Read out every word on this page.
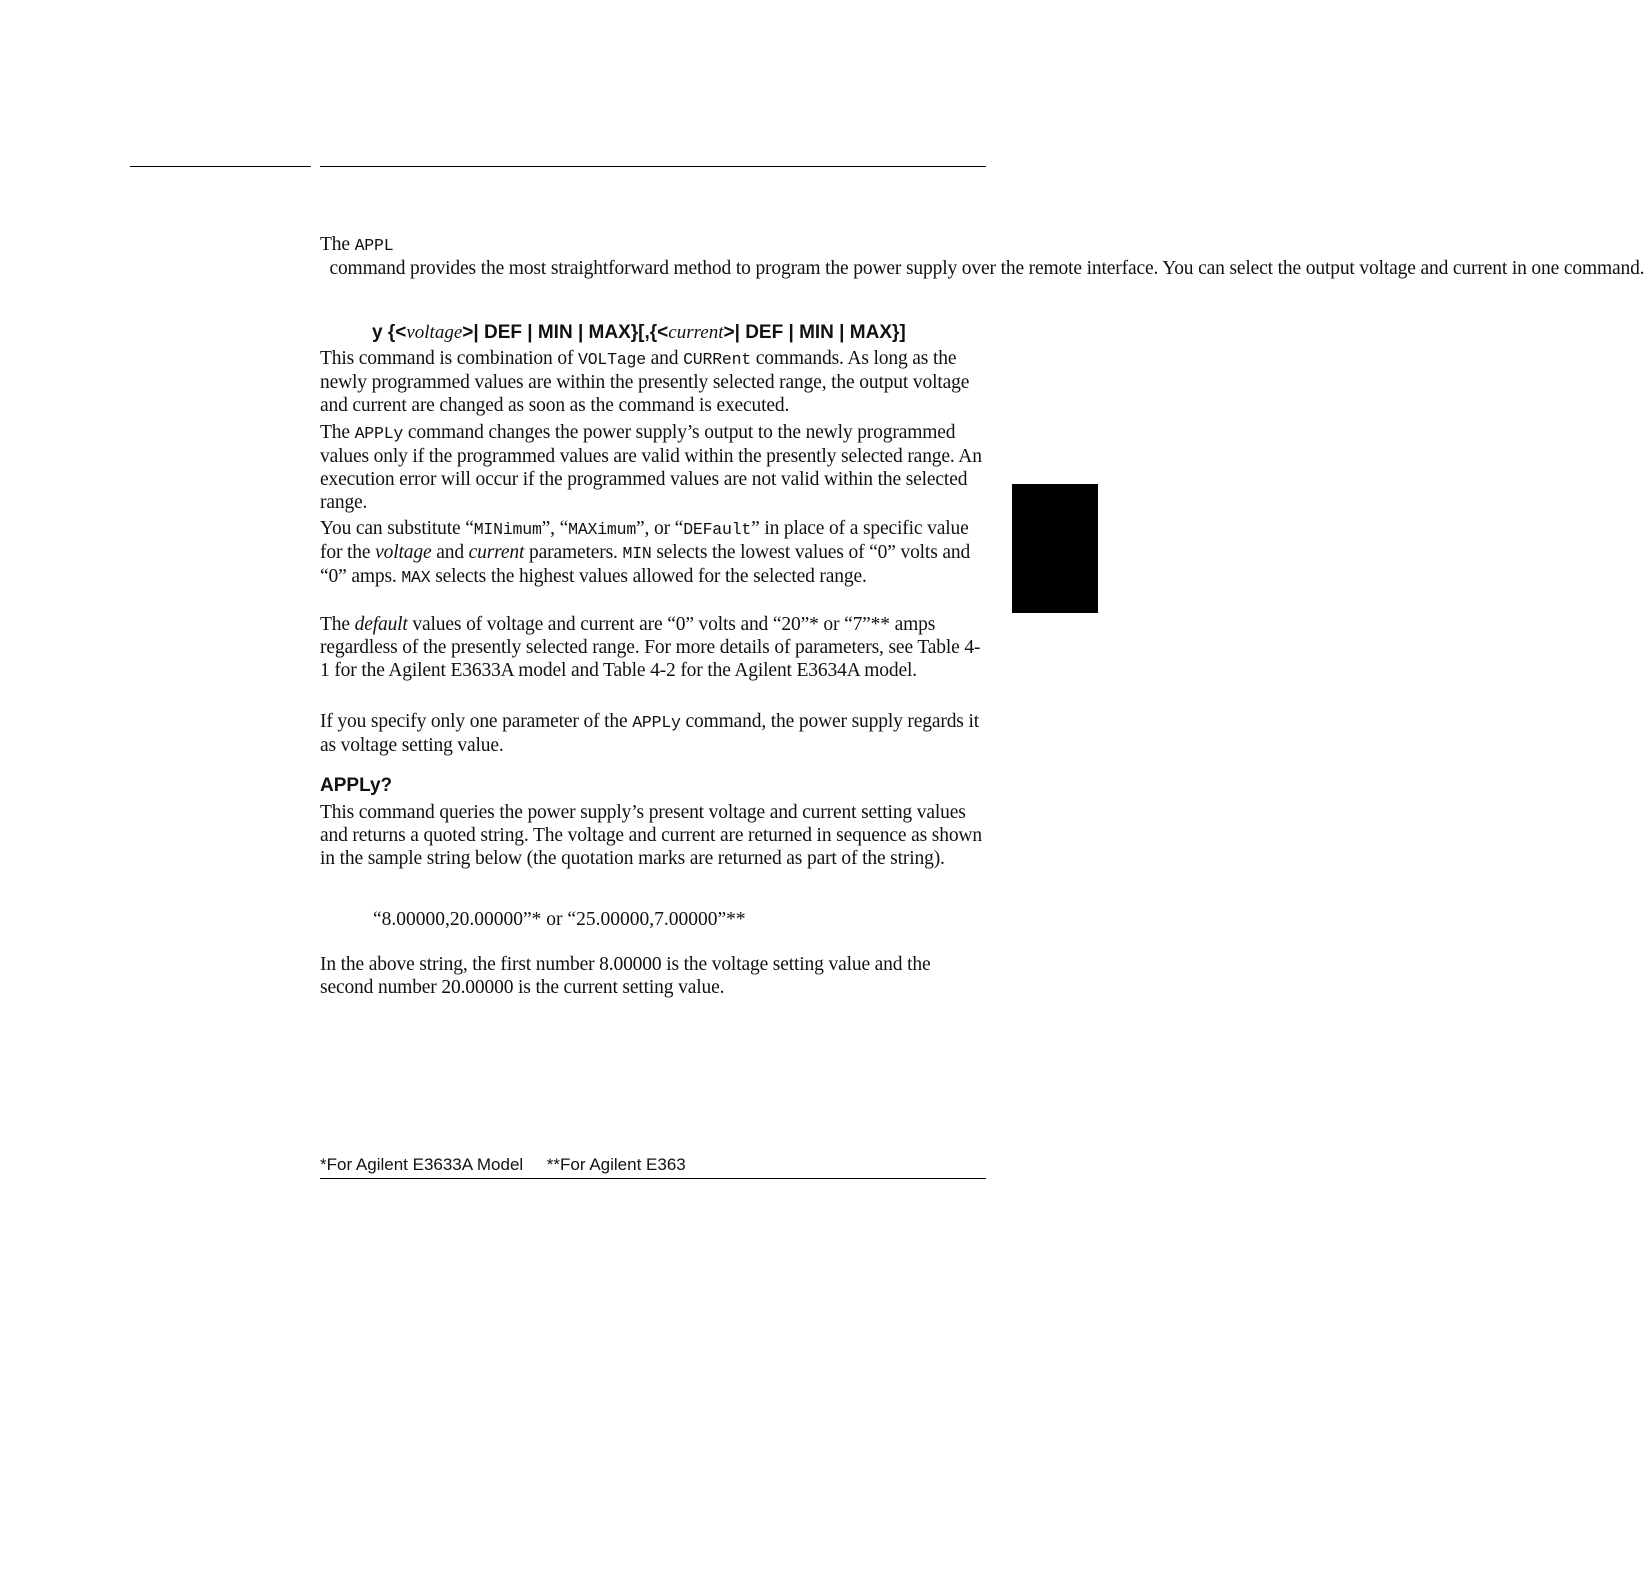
The APPL  command provides the most straightforward method to program the power supply over the remote interface. You can select the output voltage and current in one command.

y {<voltage>| DEF | MIN | MAX}[,{<current>| DEF | MIN | MAX}]

This command is combination of VOLTage and CURRent commands. As long as the newly programmed values are within the presently selected range, the output voltage and current are changed as soon as the command is executed.

The APPLy command changes the power supply’s output to the newly programmed values only if the programmed values are valid within the presently selected range. An execution error will occur if the programmed values are not valid within the selected range.

You can substitute “MINimum”, “MAXimum”, or “DEFault” in place of a specific value for the voltage and current parameters. MIN selects the lowest values of “0” volts and “0” amps. MAX selects the highest values allowed for the selected range.

The default values of voltage and current are “0” volts and “20”* or “7”** amps regardless of the presently selected range. For more details of parameters, see Table 4-1 for the Agilent E3633A model and Table 4-2 for the Agilent E3634A model.

If you specify only one parameter of the APPLy command, the power supply regards it as voltage setting value.

APPLy?

This command queries the power supply’s present voltage and current setting values and returns a quoted string. The voltage and current are returned in sequence as shown in the sample string below (the quotation marks are returned as part of the string).

“8.00000,20.00000”* or “25.00000,7.00000”**

In the above string, the first number 8.00000 is the voltage setting value and the second number 20.00000 is the current setting value.

*For Agilent E3633A Model     **For Agilent E363
